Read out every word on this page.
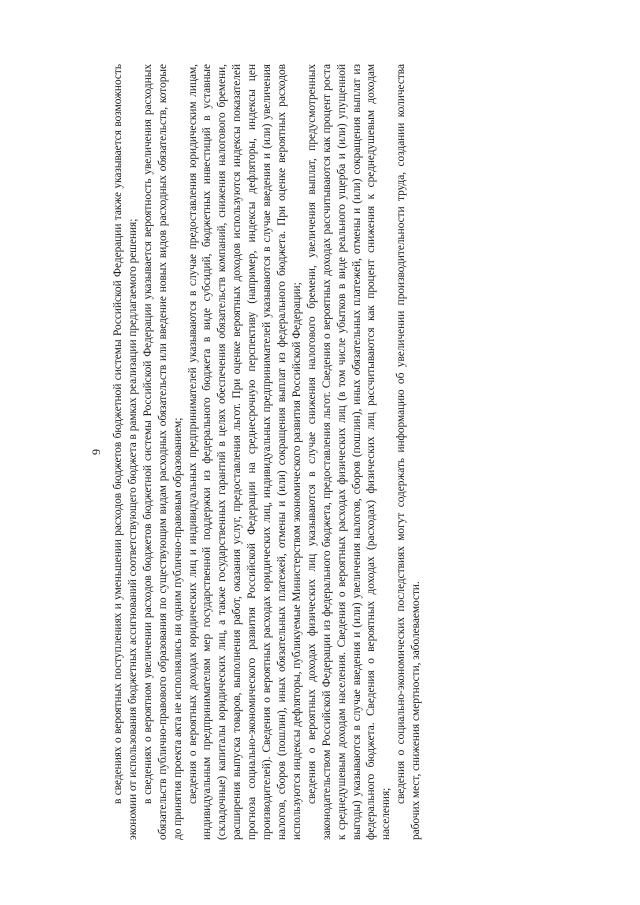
9 в сведениях о вероятных поступлениях и уменьшении расходов бюджетов бюджетной системы Российской Федерации также указывается возможность экономии от использования бюджетных ассигнований соответствующего бюджета в рамках реализации предлагаемого решения; в сведениях о вероятном увеличении расходов бюджетов бюджетной системы Российской Федерации указывается вероятность увеличения расходных обязательств публично-правового образования по существующим видам расходных обязательств или введение новых видов расходных обязательств, которые до принятия проекта акта не исполнялись ни одним публично-правовым образованием; сведения о вероятных доходах юридических лиц и индивидуальных предпринимателей указываются в случае предоставления юридическим лицам, индивидуальным предпринимателям мер государственной поддержки из федерального бюджета в виде субсидий, бюджетных инвестиций в уставные (складочные) капиталы юридических лиц, а также государственных гарантий в целях обеспечения обязательств компаний, снижения налогового бремени, расширения выпуска товаров, выполнения работ, оказания услуг, предоставления льгот. При оценке вероятных доходов используются индексы показателей прогноза социально-экономического развития Российской Федерации на среднесрочную перспективу (например, индексы дефляторы, индексы цен производителей). Сведения о вероятных расходах юридических лиц, индивидуальных предпринимателей указываются в случае введения и (или) увеличения налогов, сборов (пошлин), иных обязательных платежей, отмены и (или) сокращения выплат из федерального бюджета. При оценке вероятных расходов используются индексы дефляторы, публикуемые Министерством экономического развития Российской Федерации; сведения о вероятных доходах физических лиц указываются в случае снижения налогового бремени, увеличения выплат, предусмотренных законодательством Российской Федерации из федерального бюджета, предоставления льгот. Сведения о вероятных доходах рассчитываются как процент роста к среднедушевым доходам населения. Сведения о вероятных расходах физических лиц (в том числе убытков в виде реального ущерба и (или) упущенной выгоды) указываются в случае введения и (или) увеличения налогов, сборов (пошлин), иных обязательных платежей, отмены и (или) сокращения выплат из федерального бюджета. Сведения о вероятных доходах (расходах) физических лиц рассчитываются как процент снижения к среднедушевым доходам населения;

сведения о социально-экономических последствиях могут содержать информацию об увеличении производительности труда, создании количества рабочих мест, снижения смертности, заболеваемости.
